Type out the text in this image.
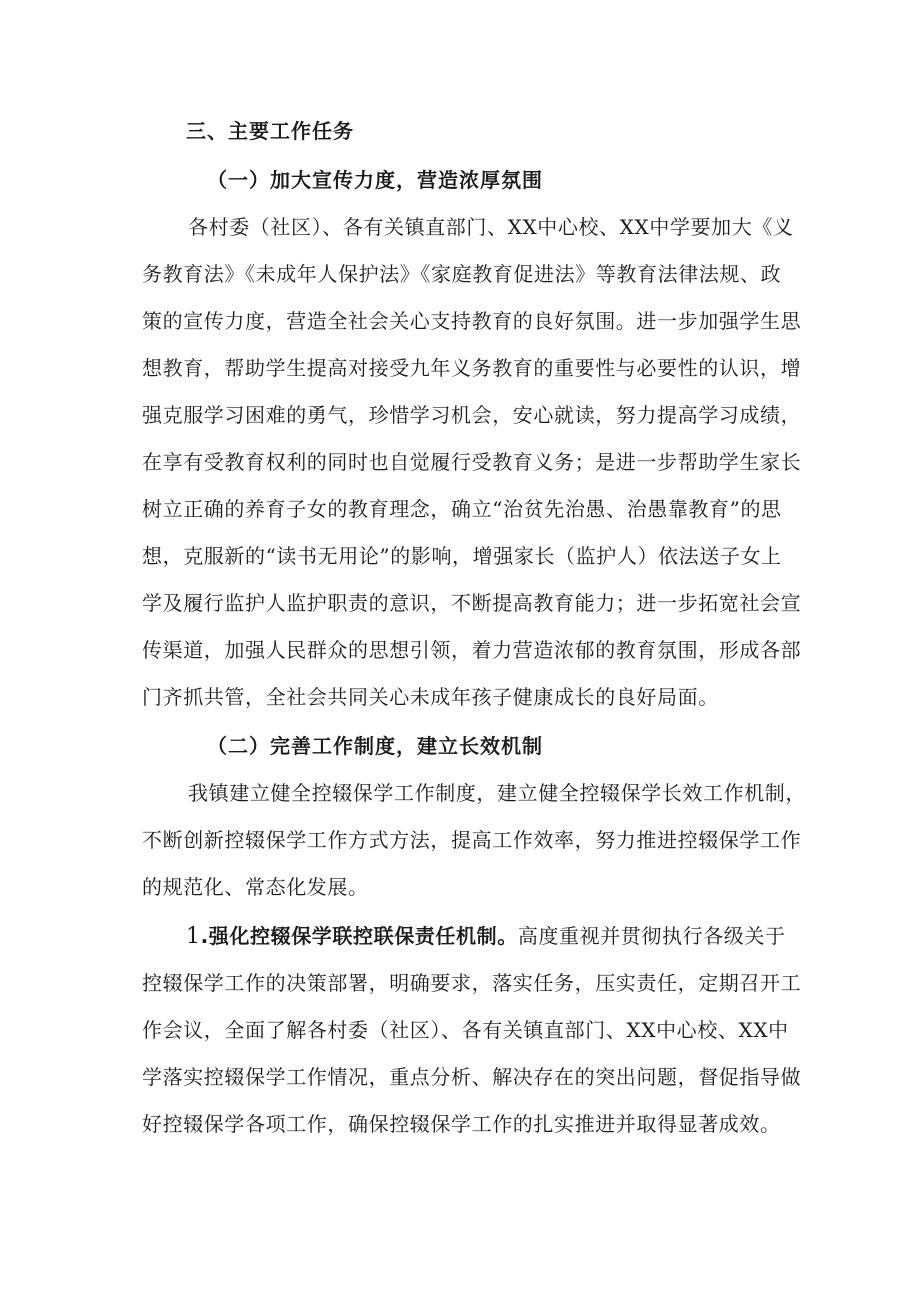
三、主要工作任务
（一）加大宣传力度，营造浓厚氛围
各村委（社区）、各有关镇直部门、XX中心校、XX中学要加大《义
务教育法》《未成年人保护法》《家庭教育促进法》等教育法律法规、政
策的宣传力度，营造全社会关心支持教育的良好氛围。进一步加强学生思
想教育，帮助学生提高对接受九年义务教育的重要性与必要性的认识，增
强克服学习困难的勇气，珍惜学习机会，安心就读，努力提高学习成绩，
在享有受教育权利的同时也自觉履行受教育义务；是进一步帮助学生家长
树立正确的养育子女的教育理念，确立“治贫先治愚、治愚靠教育”的思
想，克服新的“读书无用论”的影响，增强家长（监护人）依法送子女上
学及履行监护人监护职责的意识，不断提高教育能力；进一步拓宽社会宣
传渠道，加强人民群众的思想引领，着力营造浓郁的教育氛围，形成各部
门齐抓共管，全社会共同关心未成年孩子健康成长的良好局面。
（二）完善工作制度，建立长效机制
我镇建立健全控辍保学工作制度，建立健全控辍保学长效工作机制，
不断创新控辍保学工作方式方法，提高工作效率，努力推进控辍保学工作
的规范化、常态化发展。
1.强化控辍保学联控联保责任机制。高度重视并贯彻执行各级关于
控辍保学工作的决策部署，明确要求，落实任务，压实责任，定期召开工
作会议，全面了解各村委（社区）、各有关镇直部门、XX中心校、XX中
学落实控辍保学工作情况，重点分析、解决存在的突出问题，督促指导做
好控辍保学各项工作，确保控辍保学工作的扎实推进并取得显著成效。
